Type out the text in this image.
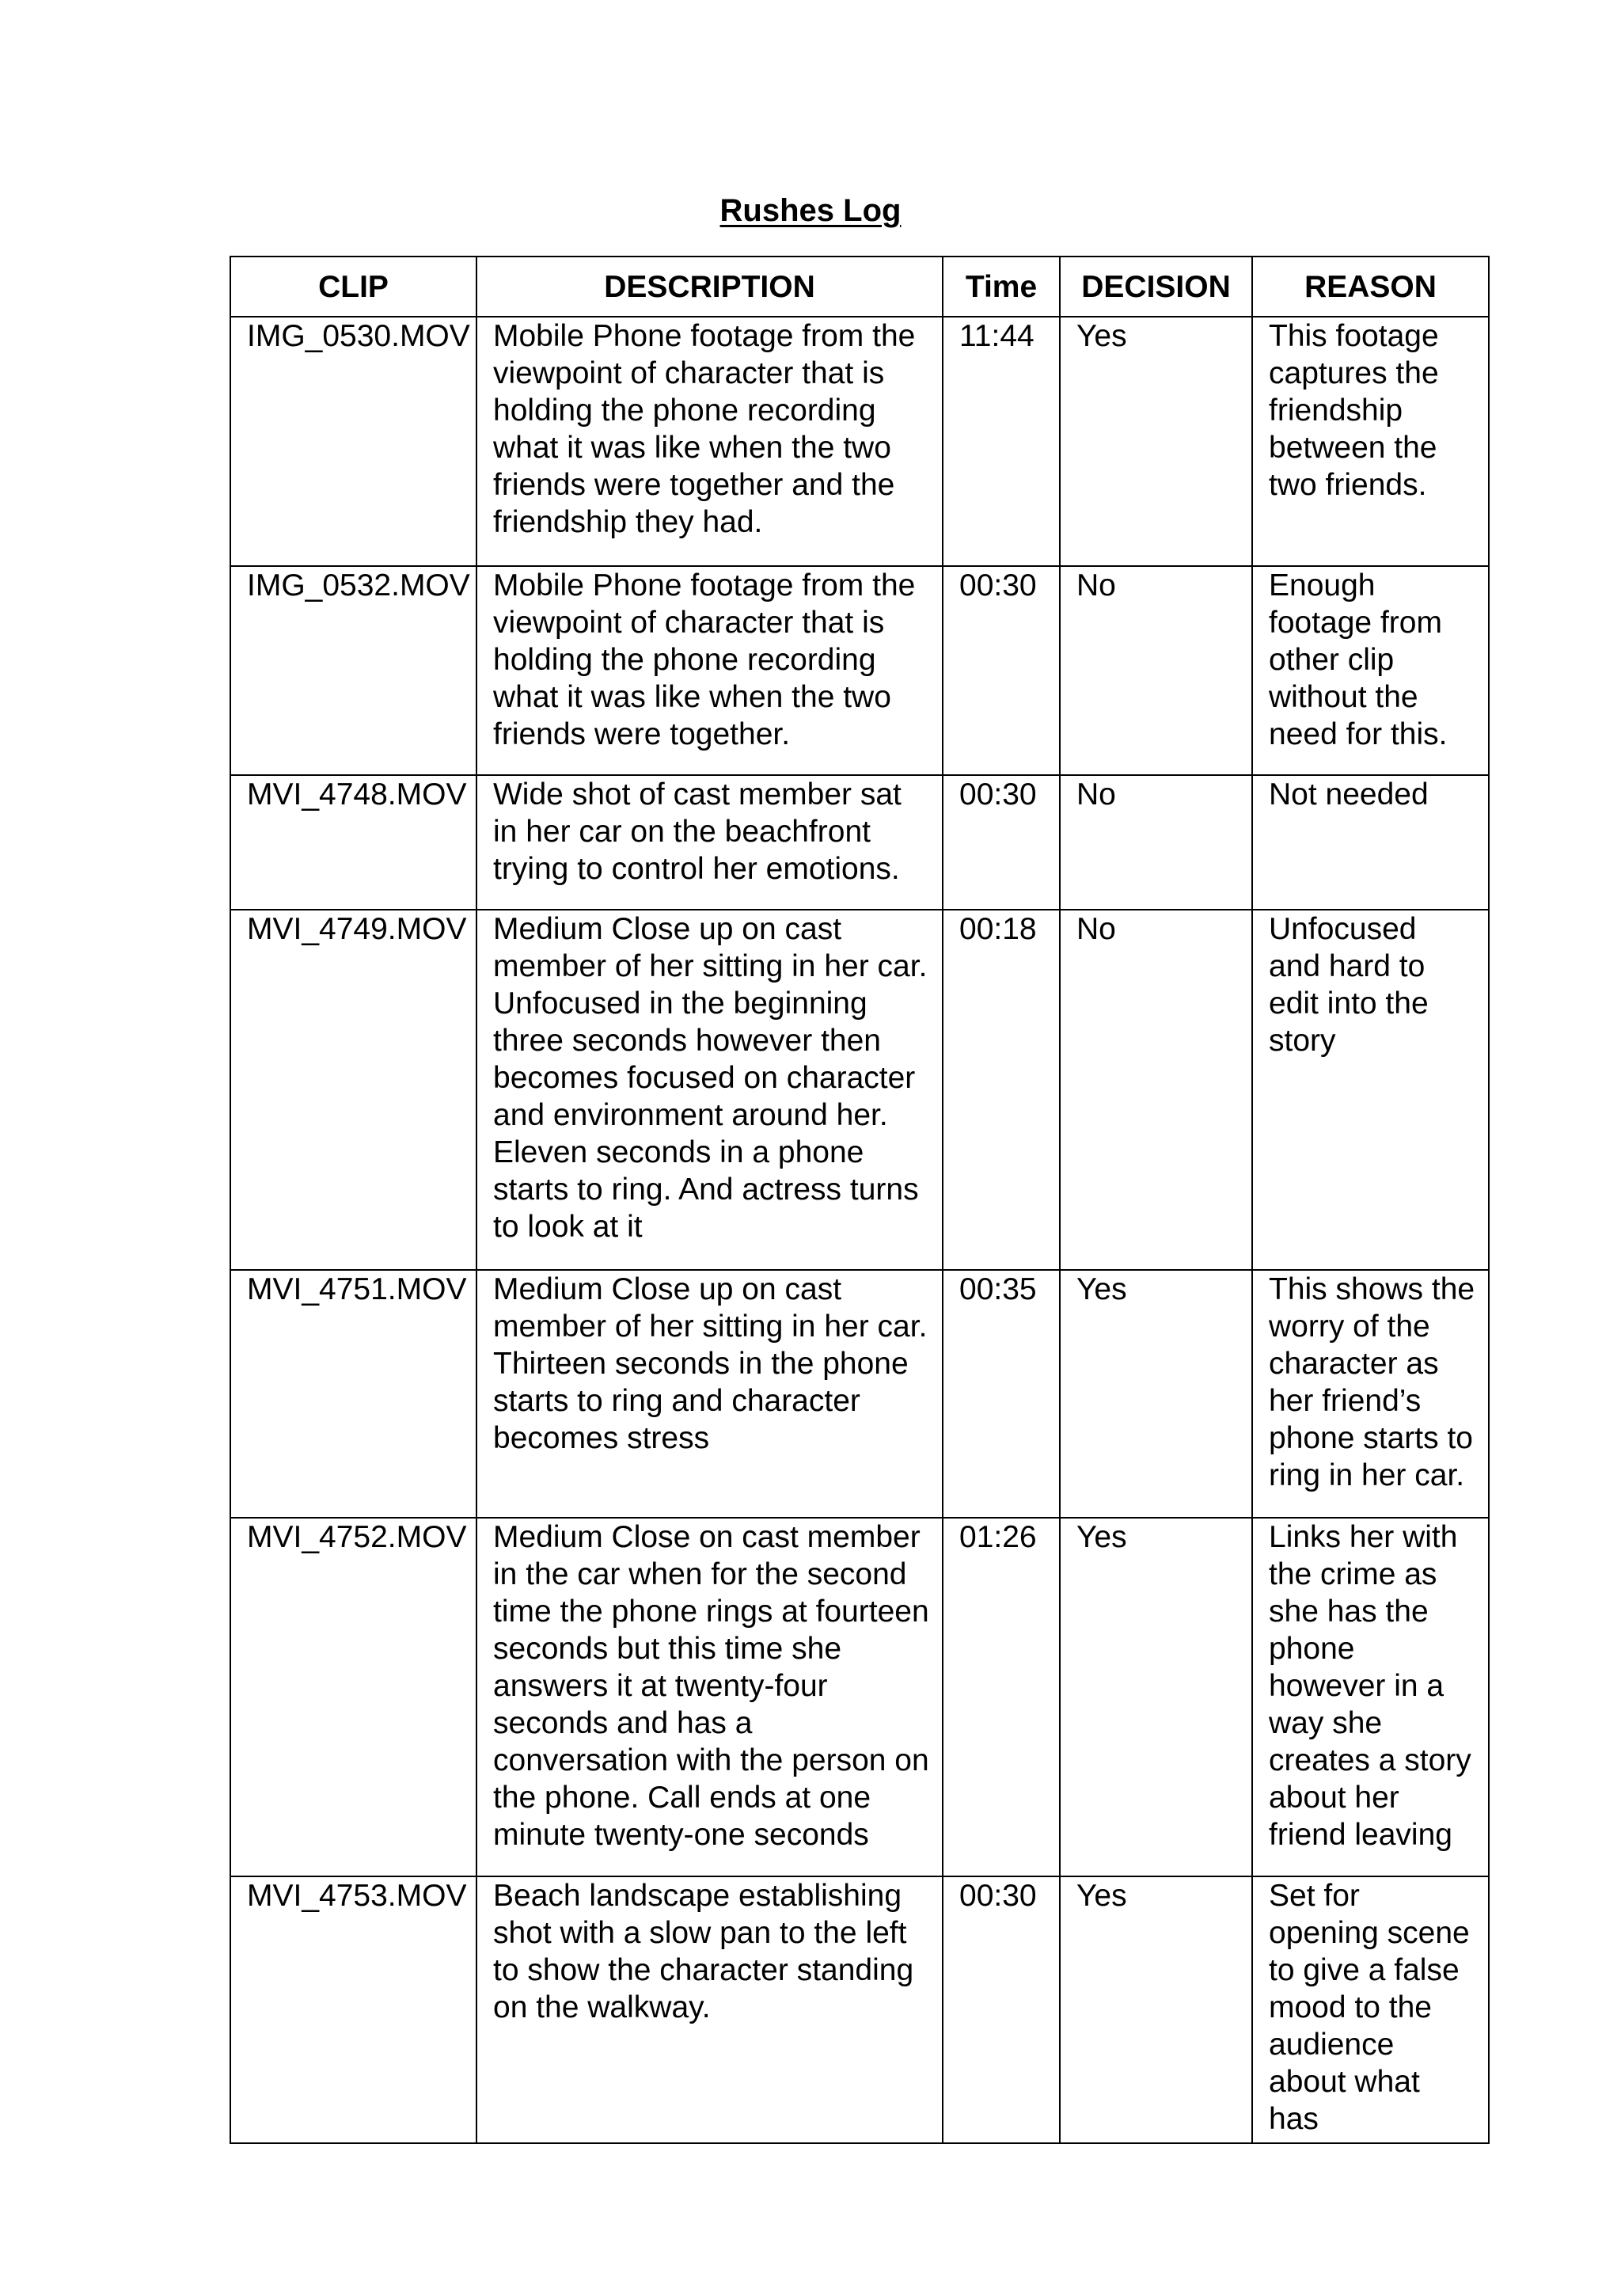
Rushes Log
CLIP	DESCRIPTION	Time	DECISION	REASON
IMG_0530.MOV	Mobile Phone footage from the viewpoint of character that is holding the phone recording what it was like when the two friends were together and the friendship they had.	11:44	Yes	This footage captures the friendship between the two friends.
IMG_0532.MOV	Mobile Phone footage from the viewpoint of character that is holding the phone recording what it was like when the two friends were together.	00:30	No	Enough footage from other clip without the need for this.
MVI_4748.MOV	Wide shot of cast member sat in her car on the beachfront trying to control her emotions.	00:30	No	Not needed
MVI_4749.MOV	Medium Close up on cast member of her sitting in her car. Unfocused in the beginning three seconds however then becomes focused on character and environment around her. Eleven seconds in a phone starts to ring. And actress turns to look at it	00:18	No	Unfocused and hard to edit into the story
MVI_4751.MOV	Medium Close up on cast member of her sitting in her car. Thirteen seconds in the phone starts to ring and character becomes stress	00:35	Yes	This shows the worry of the character as her friend’s phone starts to ring in her car.
MVI_4752.MOV	Medium Close on cast member in the car when for the second time the phone rings at fourteen seconds but this time she answers it at twenty-four seconds and has a conversation with the person on the phone. Call ends at one minute twenty-one seconds	01:26	Yes	Links her with the crime as she has the phone however in a way she creates a story about her friend leaving
MVI_4753.MOV	Beach landscape establishing shot with a slow pan to the left to show the character standing on the walkway.	00:30	Yes	Set for opening scene to give a false mood to the audience about what has
